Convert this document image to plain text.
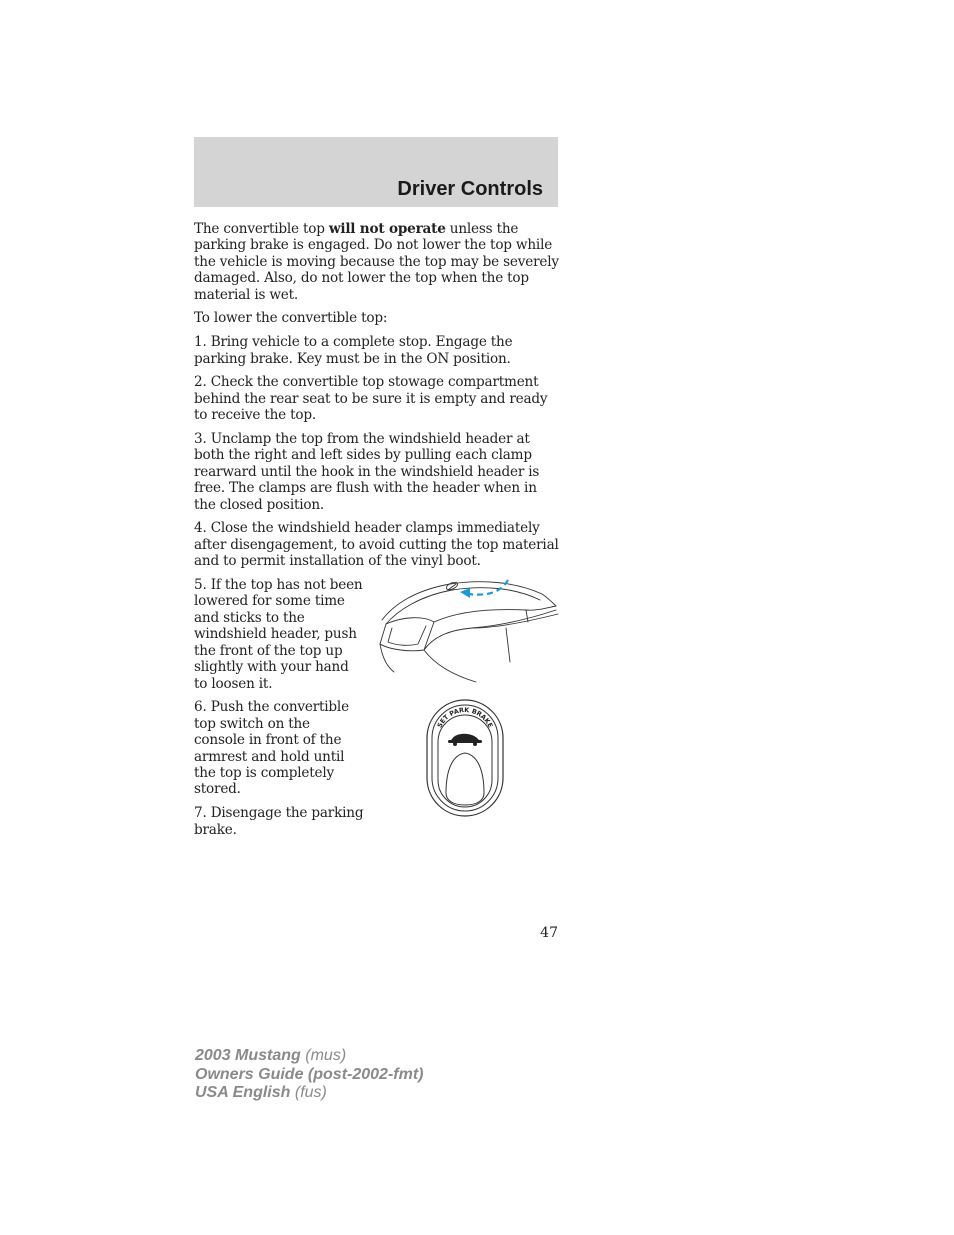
Driver Controls

The convertible top will not operate unless the parking brake is engaged. Do not lower the top while the vehicle is moving because the top may be severely damaged. Also, do not lower the top when the top material is wet.

To lower the convertible top:

1. Bring vehicle to a complete stop. Engage the parking brake. Key must be in the ON position.

2. Check the convertible top stowage compartment behind the rear seat to be sure it is empty and ready to receive the top.

3. Unclamp the top from the windshield header at both the right and left sides by pulling each clamp rearward until the hook in the windshield header is free. The clamps are flush with the header when in the closed position.

4. Close the windshield header clamps immediately after disengagement, to avoid cutting the top material and to permit installation of the vinyl boot.

5. If the top has not been lowered for some time and sticks to the windshield header, push the front of the top up slightly with your hand to loosen it.

6. Push the convertible top switch on the console in front of the armrest and hold until the top is completely stored.

7. Disengage the parking brake.

SET PARK BRAKE
47
2003 Mustang (mus)
Owners Guide (post-2002-fmt)
USA English (fus)
